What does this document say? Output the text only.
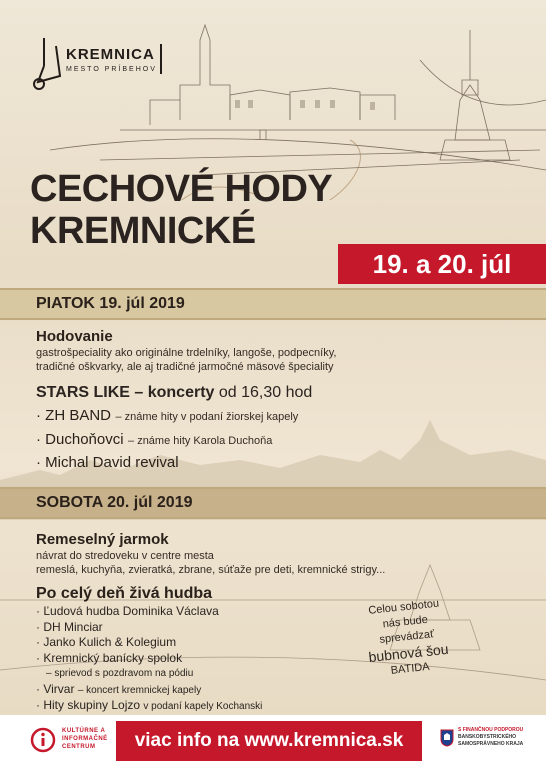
KREMNICA
MESTO PRÍBEHOV
CECHOVÉ HODY
KREMNICKÉ
19. a 20. júl
PIATOK 19. júl 2019
Hodovanie
gastrošpeciality ako originálne trdelníky, langoše, podpecníky,
tradičné oškvarky, ale aj tradičné jarmočné mäsové špeciality
STARS LIKE – koncerty od 16,30 hod
· ZH BAND – známe hity v podaní žiorskej kapely
· Duchoňovci – známe hity Karola Duchoňa
· Michal David revival
SOBOTA 20. júl 2019
Remeselný jarmok
návrat do stredoveku v centre mesta
remeslá, kuchyňa, zvieratká, zbrane, súťaže pre deti, kremnické strigy...
Po celý deň živá hudba
· Ľudová hudba Dominika Václava
· DH Minciar
· Janko Kulich & Kolegium
· Kremnický banícky spolok
– sprievod s pozdravom na pódiu
· Virvar – koncert kremnickej kapely
· Hity skupiny Lojzo v podaní kapely Kochanski
Celou sobotou
nás bude
sprevádzať
bubnová šou
BATIDA
KULTÚRNE A
INFORMAČNÉ
CENTRUM	viac info na www.kremnica.sk	S FINANČNOU PODPOROU
BANSKOBYSTRICKÉHO
SAMOSPRÁVNEHO KRAJA
